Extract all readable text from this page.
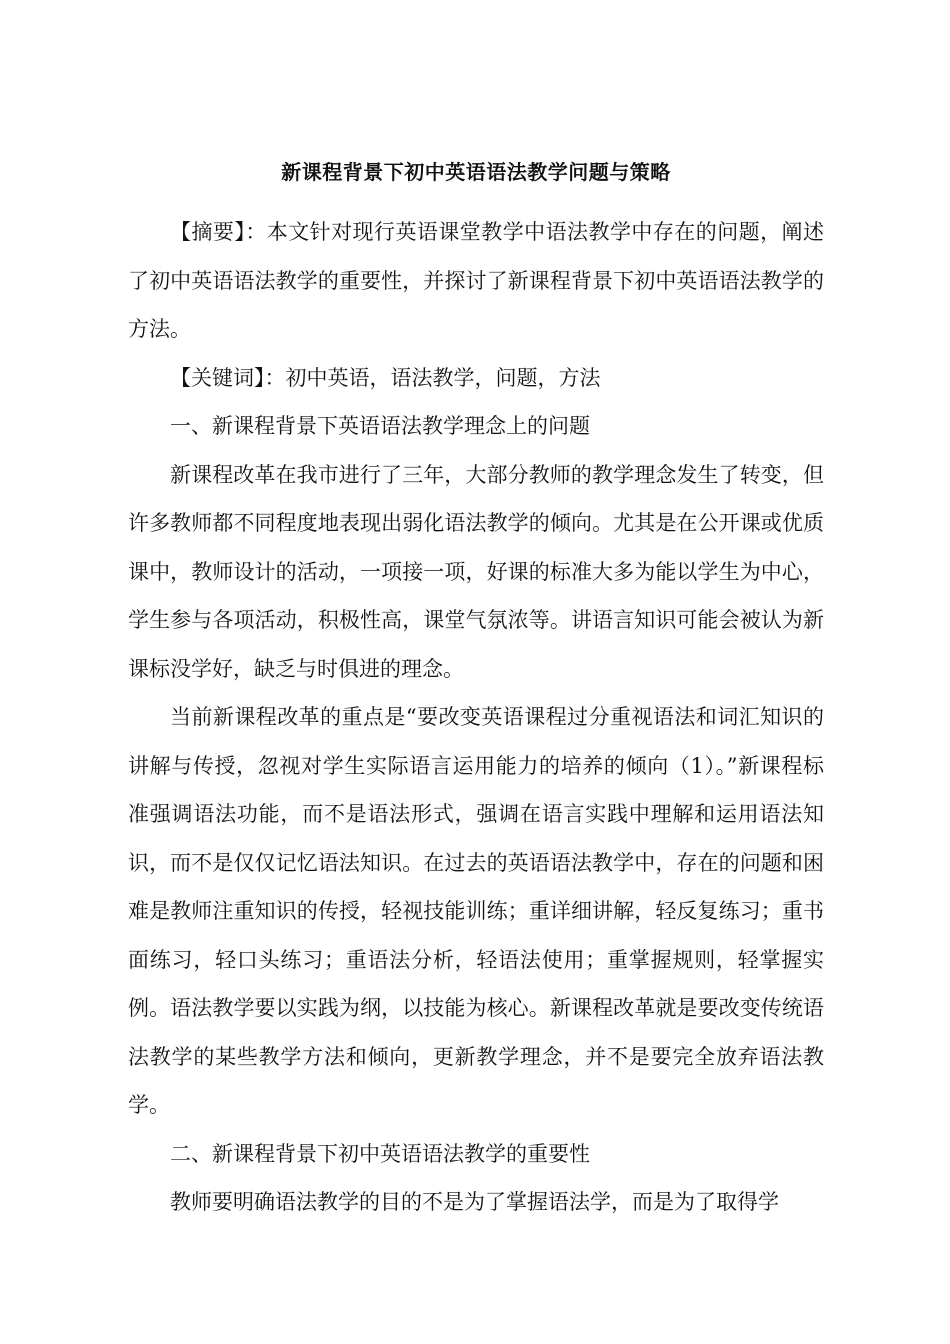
新课程背景下初中英语语法教学问题与策略

【摘要】：本文针对现行英语课堂教学中语法教学中存在的问题，阐述了初中英语语法教学的重要性，并探讨了新课程背景下初中英语语法教学的方法。

【关键词】：初中英语，语法教学，问题，方法

一、新课程背景下英语语法教学理念上的问题

新课程改革在我市进行了三年，大部分教师的教学理念发生了转变，但许多教师都不同程度地表现出弱化语法教学的倾向。尤其是在公开课或优质课中，教师设计的活动，一项接一项，好课的标准大多为能以学生为中心，学生参与各项活动，积极性高，课堂气氛浓等。讲语言知识可能会被认为新课标没学好，缺乏与时俱进的理念。

当前新课程改革的重点是“要改变英语课程过分重视语法和词汇知识的讲解与传授，忽视对学生实际语言运用能力的培养的倾向（1）。”新课程标准强调语法功能，而不是语法形式，强调在语言实践中理解和运用语法知识，而不是仅仅记忆语法知识。在过去的英语语法教学中，存在的问题和困难是教师注重知识的传授，轻视技能训练；重详细讲解，轻反复练习；重书面练习，轻口头练习；重语法分析，轻语法使用；重掌握规则，轻掌握实例。语法教学要以实践为纲，以技能为核心。新课程改革就是要改变传统语法教学的某些教学方法和倾向，更新教学理念，并不是要完全放弃语法教学。

二、新课程背景下初中英语语法教学的重要性

教师要明确语法教学的目的不是为了掌握语法学，而是为了取得学
